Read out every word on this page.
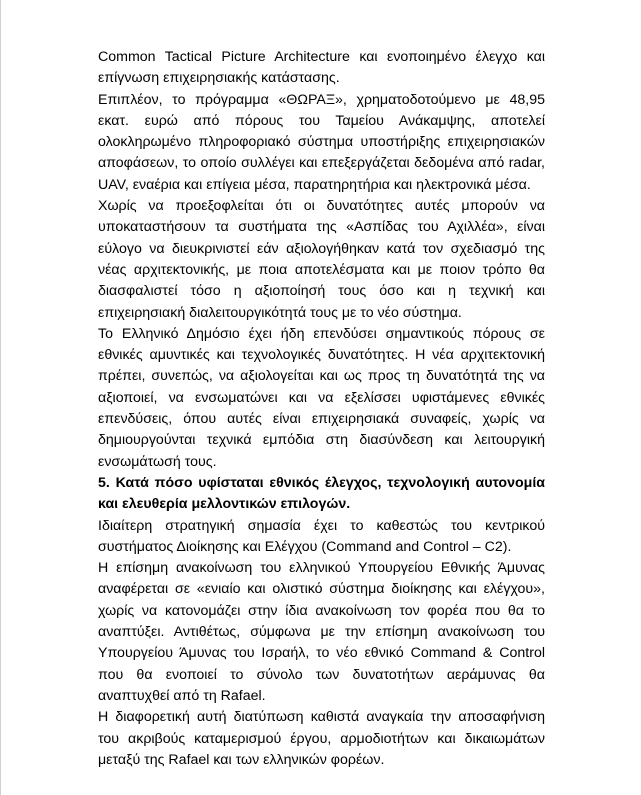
Common Tactical Picture Architecture και ενοποιημένο έλεγχο και επίγνωση επιχειρησιακής κατάστασης.

Επιπλέον, το πρόγραμμα «ΘΩΡΑΞ», χρηματοδοτούμενο με 48,95 εκατ. ευρώ από πόρους του Ταμείου Ανάκαμψης, αποτελεί ολοκληρωμένο πληροφοριακό σύστημα υποστήριξης επιχειρησιακών αποφάσεων, το οποίο συλλέγει και επεξεργάζεται δεδομένα από radar, UAV, εναέρια και επίγεια μέσα, παρατηρητήρια και ηλεκτρονικά μέσα.

Χωρίς να προεξοφλείται ότι οι δυνατότητες αυτές μπορούν να υποκαταστήσουν τα συστήματα της «Ασπίδας του Αχιλλέα», είναι εύλογο να διευκρινιστεί εάν αξιολογήθηκαν κατά τον σχεδιασμό της νέας αρχιτεκτονικής, με ποια αποτελέσματα και με ποιον τρόπο θα διασφαλιστεί τόσο η αξιοποίησή τους όσο και η τεχνική και επιχειρησιακή διαλειτουργικότητά τους με το νέο σύστημα.

Το Ελληνικό Δημόσιο έχει ήδη επενδύσει σημαντικούς πόρους σε εθνικές αμυντικές και τεχνολογικές δυνατότητες. Η νέα αρχιτεκτονική πρέπει, συνεπώς, να αξιολογείται και ως προς τη δυνατότητά της να αξιοποιεί, να ενσωματώνει και να εξελίσσει υφιστάμενες εθνικές επενδύσεις, όπου αυτές είναι επιχειρησιακά συναφείς, χωρίς να δημιουργούνται τεχνικά εμπόδια στη διασύνδεση και λειτουργική ενσωμάτωσή τους.

5. Κατά πόσο υφίσταται εθνικός έλεγχος, τεχνολογική αυτονομία και ελευθερία μελλοντικών επιλογών.

Ιδιαίτερη στρατηγική σημασία έχει το καθεστώς του κεντρικού συστήματος Διοίκησης και Ελέγχου (Command and Control – C2).

Η επίσημη ανακοίνωση του ελληνικού Υπουργείου Εθνικής Άμυνας αναφέρεται σε «ενιαίο και ολιστικό σύστημα διοίκησης και ελέγχου», χωρίς να κατονομάζει στην ίδια ανακοίνωση τον φορέα που θα το αναπτύξει. Αντιθέτως, σύμφωνα με την επίσημη ανακοίνωση του Υπουργείου Άμυνας του Ισραήλ, το νέο εθνικό Command & Control που θα ενοποιεί το σύνολο των δυνατοτήτων αεράμυνας θα αναπτυχθεί από τη Rafael.

Η διαφορετική αυτή διατύπωση καθιστά αναγκαία την αποσαφήνιση του ακριβούς καταμερισμού έργου, αρμοδιοτήτων και δικαιωμάτων μεταξύ της Rafael και των ελληνικών φορέων.
